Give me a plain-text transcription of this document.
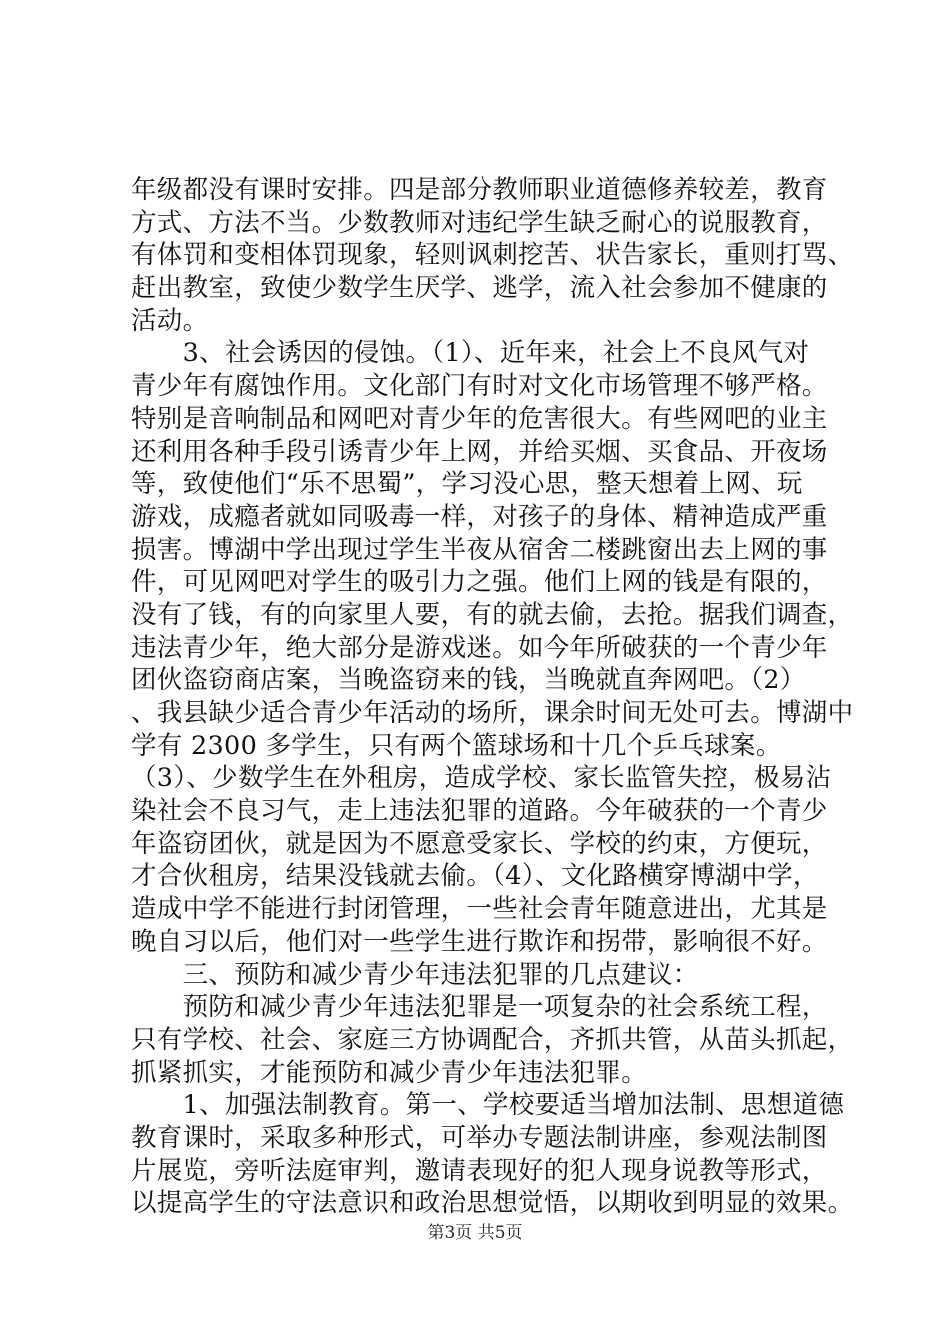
年级都没有课时安排。四是部分教师职业道德修养较差，教育
方式、方法不当。少数教师对违纪学生缺乏耐心的说服教育，
有体罚和变相体罚现象，轻则讽刺挖苦、状告家长，重则打骂、
赶出教室，致使少数学生厌学、逃学，流入社会参加不健康的
活动。
　　3、社会诱因的侵蚀。（1）、近年来，社会上不良风气对
青少年有腐蚀作用。文化部门有时对文化市场管理不够严格。
特别是音响制品和网吧对青少年的危害很大。有些网吧的业主
还利用各种手段引诱青少年上网，并给买烟、买食品、开夜场
等，致使他们“乐不思蜀”，学习没心思，整天想着上网、玩
游戏，成瘾者就如同吸毒一样，对孩子的身体、精神造成严重
损害。博湖中学出现过学生半夜从宿舍二楼跳窗出去上网的事
件，可见网吧对学生的吸引力之强。他们上网的钱是有限的，
没有了钱，有的向家里人要，有的就去偷，去抢。据我们调查，
违法青少年，绝大部分是游戏迷。如今年所破获的一个青少年
团伙盗窃商店案，当晚盗窃来的钱，当晚就直奔网吧。（2）
、我县缺少适合青少年活动的场所，课余时间无处可去。博湖中
学有 2300 多学生，只有两个篮球场和十几个乒乓球案。
（3）、少数学生在外租房，造成学校、家长监管失控，极易沾
染社会不良习气，走上违法犯罪的道路。今年破获的一个青少
年盗窃团伙，就是因为不愿意受家长、学校的约束，方便玩，
才合伙租房，结果没钱就去偷。（4）、文化路横穿博湖中学，
造成中学不能进行封闭管理，一些社会青年随意进出，尤其是
晚自习以后，他们对一些学生进行欺诈和拐带，影响很不好。
　　三、预防和减少青少年违法犯罪的几点建议：
　　预防和减少青少年违法犯罪是一项复杂的社会系统工程，
只有学校、社会、家庭三方协调配合，齐抓共管，从苗头抓起，
抓紧抓实，才能预防和减少青少年违法犯罪。
　　1、加强法制教育。第一、学校要适当增加法制、思想道德
教育课时，采取多种形式，可举办专题法制讲座，参观法制图
片展览，旁听法庭审判，邀请表现好的犯人现身说教等形式，
以提高学生的守法意识和政治思想觉悟，以期收到明显的效果。
第3页 共5页
